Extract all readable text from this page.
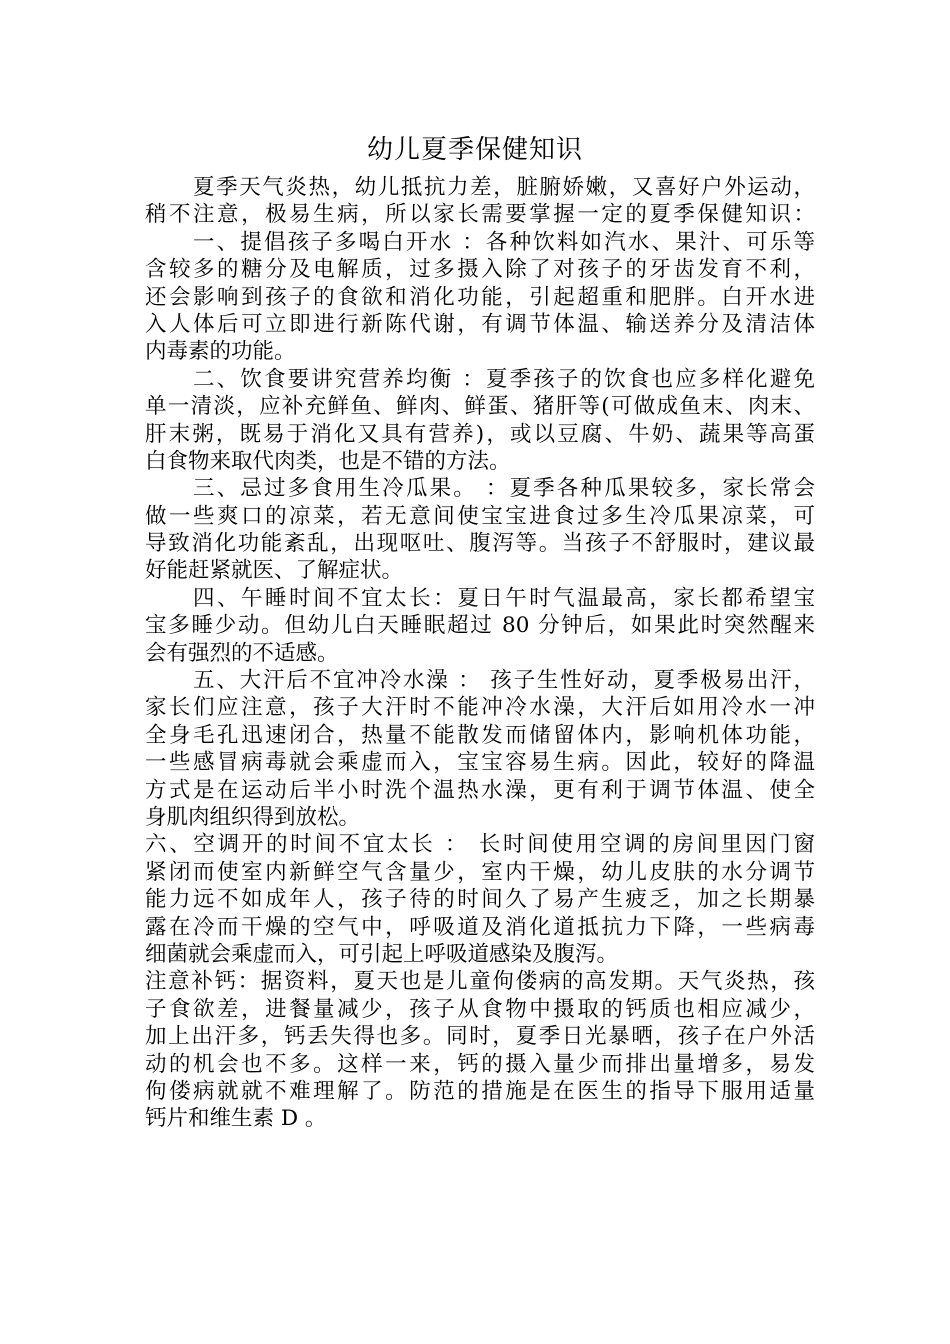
幼儿夏季保健知识
夏季天气炎热，幼儿抵抗力差，脏腑娇嫩，又喜好户外运动，
稍不注意，极易生病，所以家长需要掌握一定的夏季保健知识：
一、提倡孩子多喝白开水 ：各种饮料如汽水、果汁、可乐等
含较多的糖分及电解质，过多摄入除了对孩子的牙齿发育不利，
还会影响到孩子的食欲和消化功能，引起超重和肥胖。白开水进
入人体后可立即进行新陈代谢，有调节体温、输送养分及清洁体
内毒素的功能。
二、饮食要讲究营养均衡 ：夏季孩子的饮食也应多样化避免
单一清淡，应补充鲜鱼、鲜肉、鲜蛋、猪肝等(可做成鱼末、肉末、
肝末粥，既易于消化又具有营养)，或以豆腐、牛奶、蔬果等高蛋
白食物来取代肉类，也是不错的方法。
三、忌过多食用生冷瓜果。 ：夏季各种瓜果较多，家长常会
做一些爽口的凉菜，若无意间使宝宝进食过多生冷瓜果凉菜，可
导致消化功能紊乱，出现呕吐、腹泻等。当孩子不舒服时，建议最
好能赶紧就医、了解症状。
四、午睡时间不宜太长：夏日午时气温最高，家长都希望宝
宝多睡少动。但幼儿白天睡眠超过 80 分钟后，如果此时突然醒来
会有强烈的不适感。
五、大汗后不宜冲冷水澡 ： 孩子生性好动，夏季极易出汗，
家长们应注意，孩子大汗时不能冲冷水澡，大汗后如用冷水一冲
全身毛孔迅速闭合，热量不能散发而储留体内，影响机体功能，
一些感冒病毒就会乘虚而入，宝宝容易生病。因此，较好的降温
方式是在运动后半小时洗个温热水澡，更有利于调节体温、使全
身肌肉组织得到放松。
六、空调开的时间不宜太长 ： 长时间使用空调的房间里因门窗
紧闭而使室内新鲜空气含量少，室内干燥，幼儿皮肤的水分调节
能力远不如成年人，孩子待的时间久了易产生疲乏，加之长期暴
露在冷而干燥的空气中，呼吸道及消化道抵抗力下降，一些病毒
细菌就会乘虚而入，可引起上呼吸道感染及腹泻。
注意补钙：据资料，夏天也是儿童佝偻病的高发期。天气炎热，孩
子食欲差，进餐量减少，孩子从食物中摄取的钙质也相应减少，
加上出汗多，钙丢失得也多。同时，夏季日光暴晒，孩子在户外活
动的机会也不多。这样一来，钙的摄入量少而排出量增多，易发
佝偻病就就不难理解了。防范的措施是在医生的指导下服用适量
钙片和维生素 D 。
